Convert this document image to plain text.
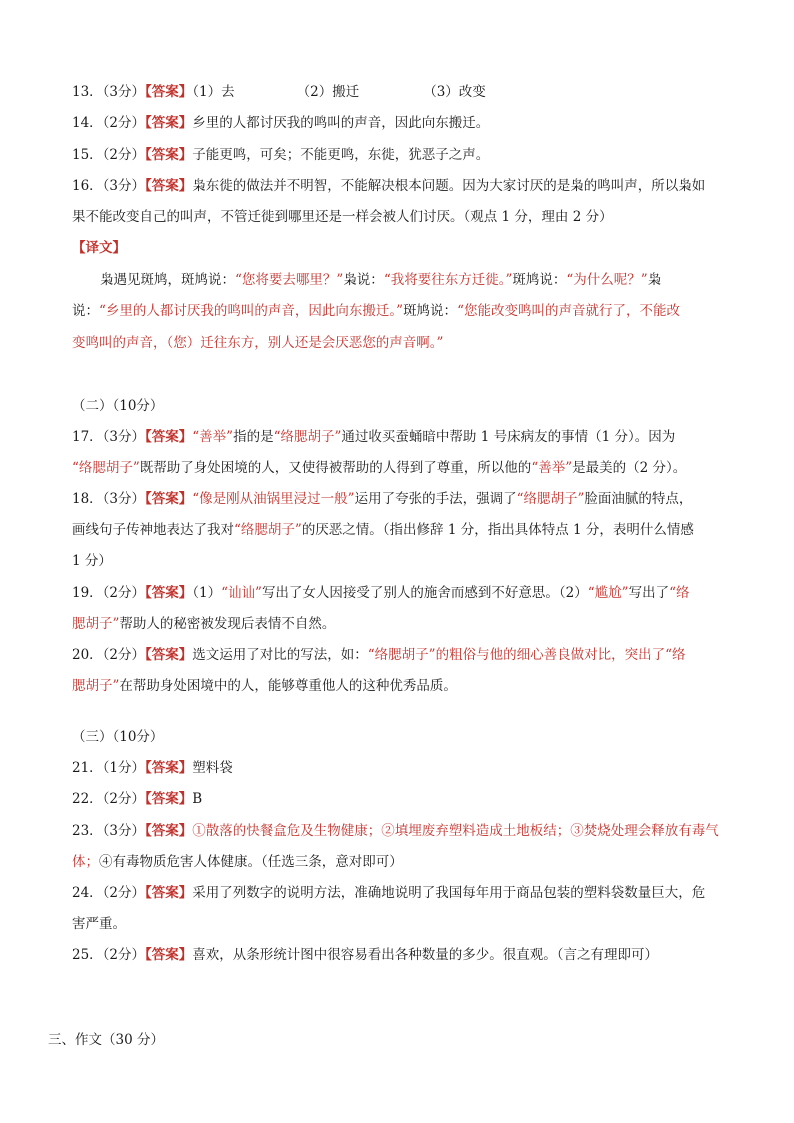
13．（3分）【答案】（1）去	（2）搬迁	（3）改变
14．（2分）【答案】乡里的人都讨厌我的鸣叫的声音，因此向东搬迁。
15．（2分）【答案】子能更鸣，可矣；不能更鸣，东徙，犹恶子之声。
16．（3分）【答案】枭东徙的做法并不明智，不能解决根本问题。因为大家讨厌的是枭的鸣叫声，所以枭如
果不能改变自己的叫声，不管迁徙到哪里还是一样会被人们讨厌。（观点 1 分，理由 2 分）
【译文】
枭遇见斑鸠，斑鸠说：“您将要去哪里？”枭说：“我将要往东方迁徙。”斑鸠说：“为什么呢？”枭
说：“乡里的人都讨厌我的鸣叫的声音，因此向东搬迁。”斑鸠说：“您能改变鸣叫的声音就行了，不能改
变鸣叫的声音，（您）迁往东方，别人还是会厌恶您的声音啊。”
（二）（10分）
17．（3分）【答案】“善举”指的是“络腮胡子”通过收买蚕蛹暗中帮助 1 号床病友的事情（1 分）。因为
“络腮胡子”既帮助了身处困境的人，又使得被帮助的人得到了尊重，所以他的“善举”是最美的（2 分）。
18．（3分）【答案】“像是刚从油锅里浸过一般”运用了夸张的手法，强调了“络腮胡子”脸面油腻的特点，
画线句子传神地表达了我对“络腮胡子”的厌恶之情。（指出修辞 1 分，指出具体特点 1 分，表明什么情感
1 分）
19．（2分）【答案】（1）“讪讪”写出了女人因接受了别人的施舍而感到不好意思。（2）“尴尬”写出了“络
腮胡子”帮助人的秘密被发现后表情不自然。
20．（2分）【答案】选文运用了对比的写法，如：“络腮胡子”的粗俗与他的细心善良做对比，突出了“络
腮胡子”在帮助身处困境中的人，能够尊重他人的这种优秀品质。
（三）（10分）
21．（1分）【答案】塑料袋
22．（2分）【答案】B
23．（3分）【答案】①散落的快餐盒危及生物健康；②填埋废弃塑料造成土地板结；③焚烧处理会释放有毒气
体；④有毒物质危害人体健康。（任选三条，意对即可）
24．（2分）【答案】采用了列数字的说明方法，准确地说明了我国每年用于商品包装的塑料袋数量巨大，危
害严重。
25．（2分）【答案】喜欢，从条形统计图中很容易看出各种数量的多少。很直观。（言之有理即可）
三、作文（30 分）
